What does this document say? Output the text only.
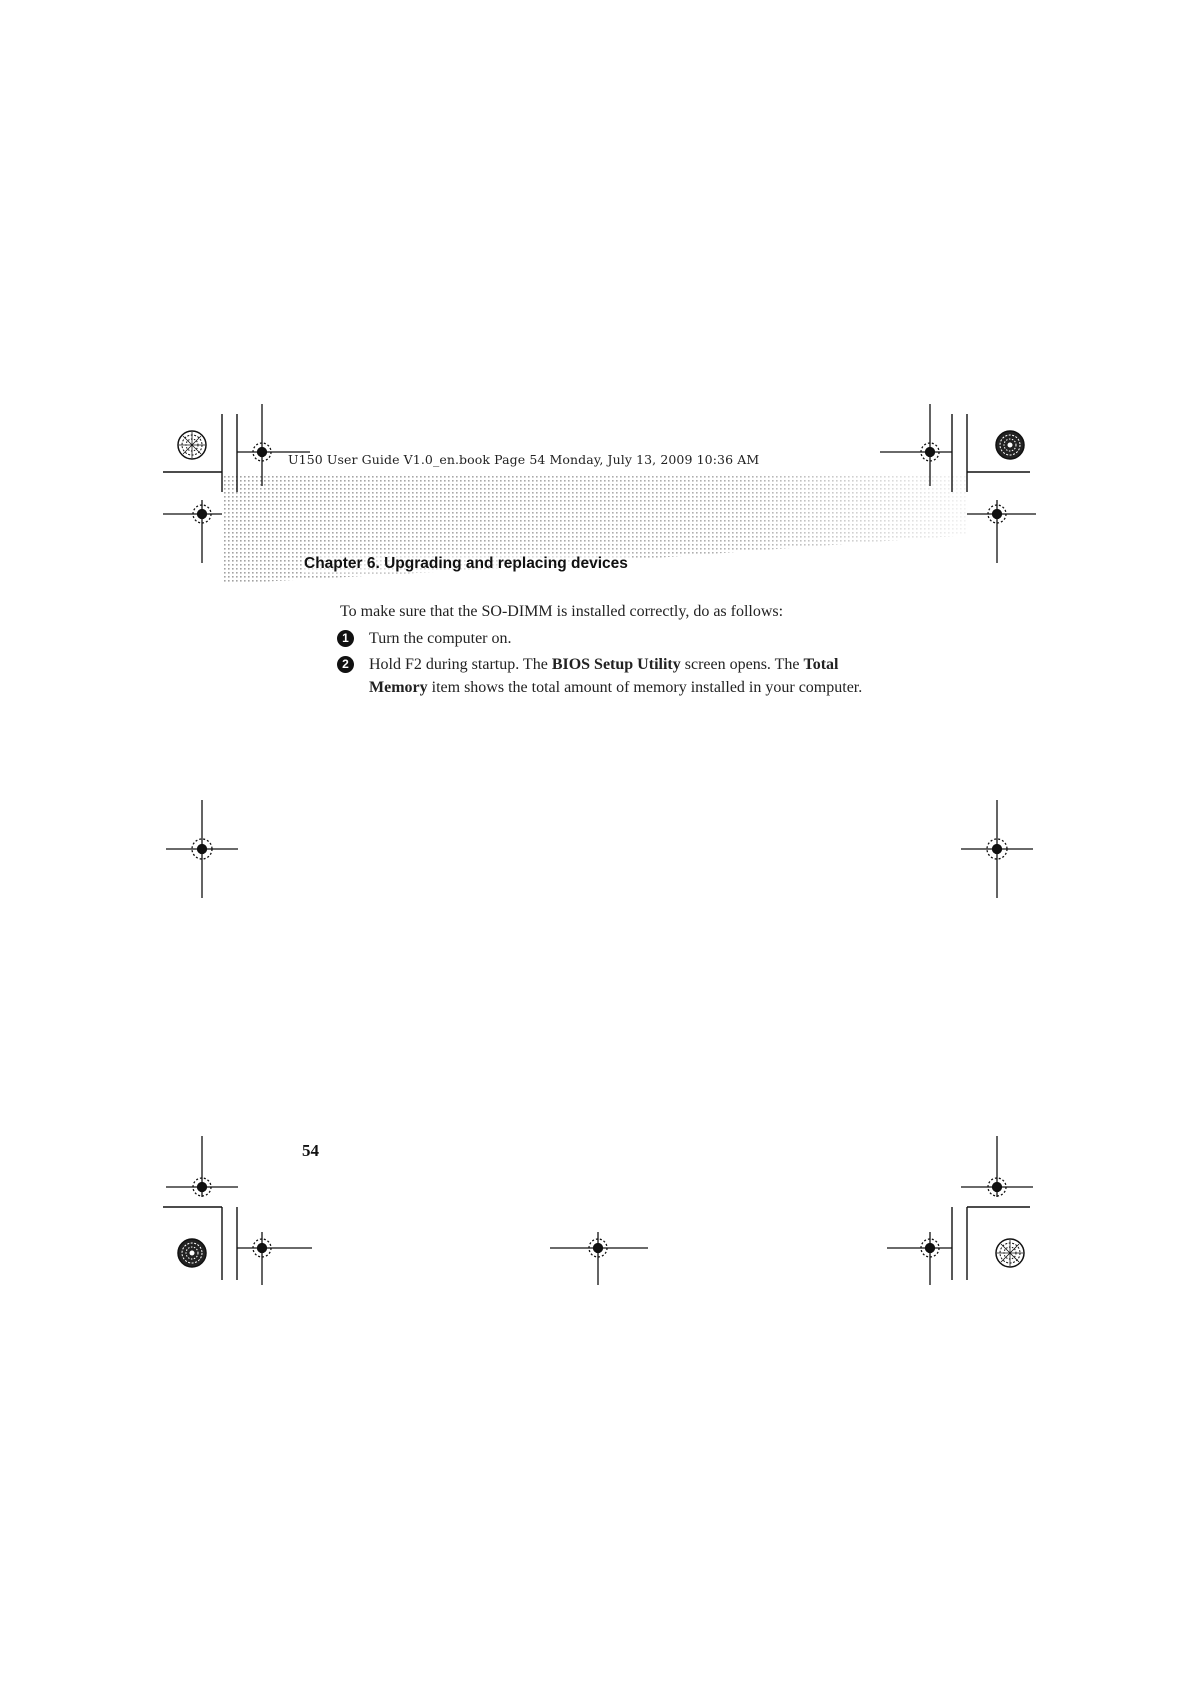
U150 User Guide V1.0_en.book Page 54 Monday, July 13, 2009 10:36 AM
Chapter 6. Upgrading and replacing devices
To make sure that the SO-DIMM is installed correctly, do as follows:
1	Turn the computer on.
2	Hold F2 during startup. The BIOS Setup Utility screen opens. The Total Memory item shows the total amount of memory installed in your computer.
54
